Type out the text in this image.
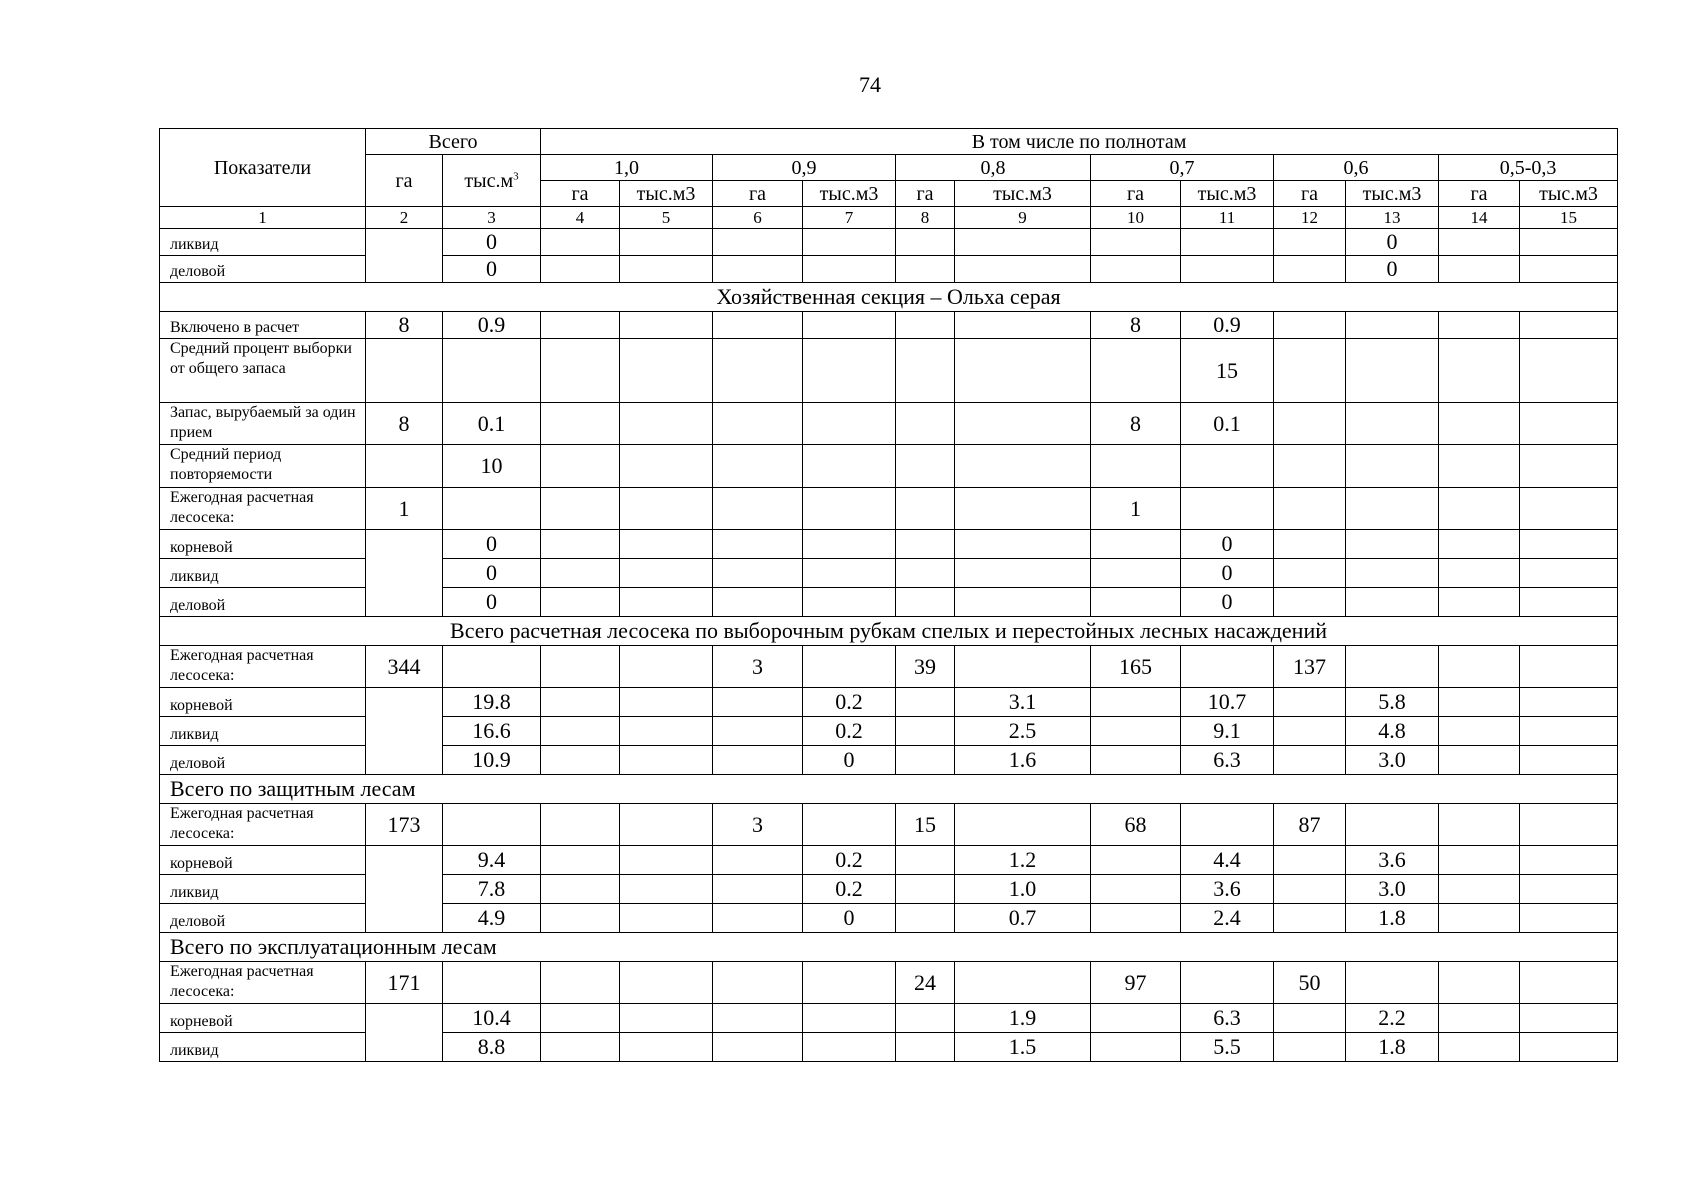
74
Показатели	Всего		В том числе по полнотам											
	га	$тыс.м^3$	1,0		0,9		0,8		0,7		0,6		0,5-0,3	
			га	тыс.м3	га	тыс.м3	га	тыс.м3	га	тыс.м3	га	тыс.м3	га	тыс.м3
1	2	3	4	5	6	7	8	9	10	11	12	13	14	15
ликвид		0										0		
деловой		0										0		
Хозяйственная секция – Ольха серая														
Включено в расчет	8	0.9							8	0.9				
Средний процент выборки от общего запаса										15				
Запас, вырубаемый за один прием	8	0.1							8	0.1				
Средний период повторяемости		10												
Ежегодная расчетная лесосека:	1								1					
корневой		0								0				
ликвид		0								0				
деловой		0								0				
Всего расчетная лесосека по выборочным рубкам спелых и перестойных лесных насаждений														
Ежегодная расчетная лесосека:	344				3		39		165		137			
корневой		19.8				0.2		3.1		10.7		5.8		
ликвид		16.6				0.2		2.5		9.1		4.8		
деловой		10.9				0		1.6		6.3		3.0		
Всего по защитным лесам														
Ежегодная расчетная лесосека:	173				3		15		68		87			
корневой		9.4				0.2		1.2		4.4		3.6		
ликвид		7.8				0.2		1.0		3.6		3.0		
деловой		4.9				0		0.7		2.4		1.8		
Всего по эксплуатационным лесам														
Ежегодная расчетная лесосека:	171						24		97		50			
корневой		10.4						1.9		6.3		2.2		
ликвид		8.8						1.5		5.5		1.8		
